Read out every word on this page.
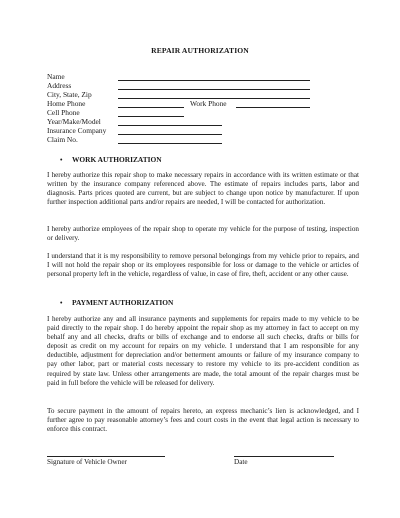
REPAIR AUTHORIZATION
Name
Address
City, State, Zip
Home Phone	Work Phone
Cell Phone
Year/Make/Model
Insurance Company
Claim No.
• WORK AUTHORIZATION
I hereby authorize this repair shop to make necessary repairs in accordance with its written estimate or that written by the insurance company referenced above. The estimate of repairs includes parts, labor and diagnosis. Parts prices quoted are current, but are subject to change upon notice by manufacturer. If upon further inspection additional parts and/or repairs are needed, I will be contacted for authorization.
I hereby authorize employees of the repair shop to operate my vehicle for the purpose of testing, inspection or delivery.
I understand that it is my responsibility to remove personal belongings from my vehicle prior to repairs, and I will not hold the repair shop or its employees responsible for loss or damage to the vehicle or articles of personal property left in the vehicle, regardless of value, in case of fire, theft, accident or any other cause.
• PAYMENT AUTHORIZATION
I hereby authorize any and all insurance payments and supplements for repairs made to my vehicle to be paid directly to the repair shop. I do hereby appoint the repair shop as my attorney in fact to accept on my behalf any and all checks, drafts or bills of exchange and to endorse all such checks, drafts or bills for deposit as credit on my account for repairs on my vehicle. I understand that I am responsible for any deductible, adjustment for depreciation and/or betterment amounts or failure of my insurance company to pay other labor, part or material costs necessary to restore my vehicle to its pre-accident condition as required by state law. Unless other arrangements are made, the total amount of the repair charges must be paid in full before the vehicle will be released for delivery.
To secure payment in the amount of repairs hereto, an express mechanic’s lien is acknowledged, and I further agree to pay reasonable attorney’s fees and court costs in the event that legal action is necessary to enforce this contract.
Signature of Vehicle Owner	Date
